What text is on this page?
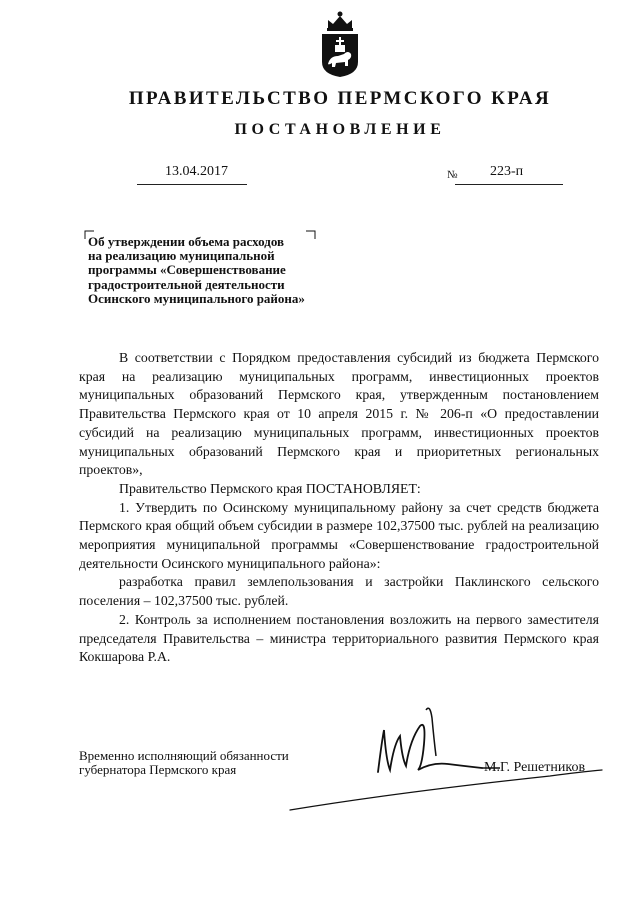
ПРАВИТЕЛЬСТВО ПЕРМСКОГО КРАЯ
ПОСТАНОВЛЕНИЕ
13.04.2017	№ 223-п
Об утверждении объема расходов
на реализацию муниципальной
программы «Совершенствование
градостроительной деятельности
Осинского муниципального района»

В соответствии с Порядком предоставления субсидий из бюджета Пермского края на реализацию муниципальных программ, инвестиционных проектов муниципальных образований Пермского края, утвержденным постановлением Правительства Пермского края от 10 апреля 2015 г. № 206-п «О предоставлении субсидий на реализацию муниципальных программ, инвестиционных проектов муниципальных образований Пермского края и приоритетных региональных проектов»,

Правительство Пермского края ПОСТАНОВЛЯЕТ:

1. Утвердить по Осинскому муниципальному району за счет средств бюджета Пермского края общий объем субсидии в размере 102,37500 тыс. рублей на реализацию мероприятия муниципальной программы «Совершенствование градостроительной деятельности Осинского муниципального района»:

разработка правил землепользования и застройки Паклинского сельского поселения – 102,37500 тыс. рублей.

2. Контроль за исполнением постановления возложить на первого заместителя председателя Правительства – министра территориального развития Пермского края Кокшарова Р.А.

Временно исполняющий обязанности
губернатора Пермского края	М.Г. Решетников
